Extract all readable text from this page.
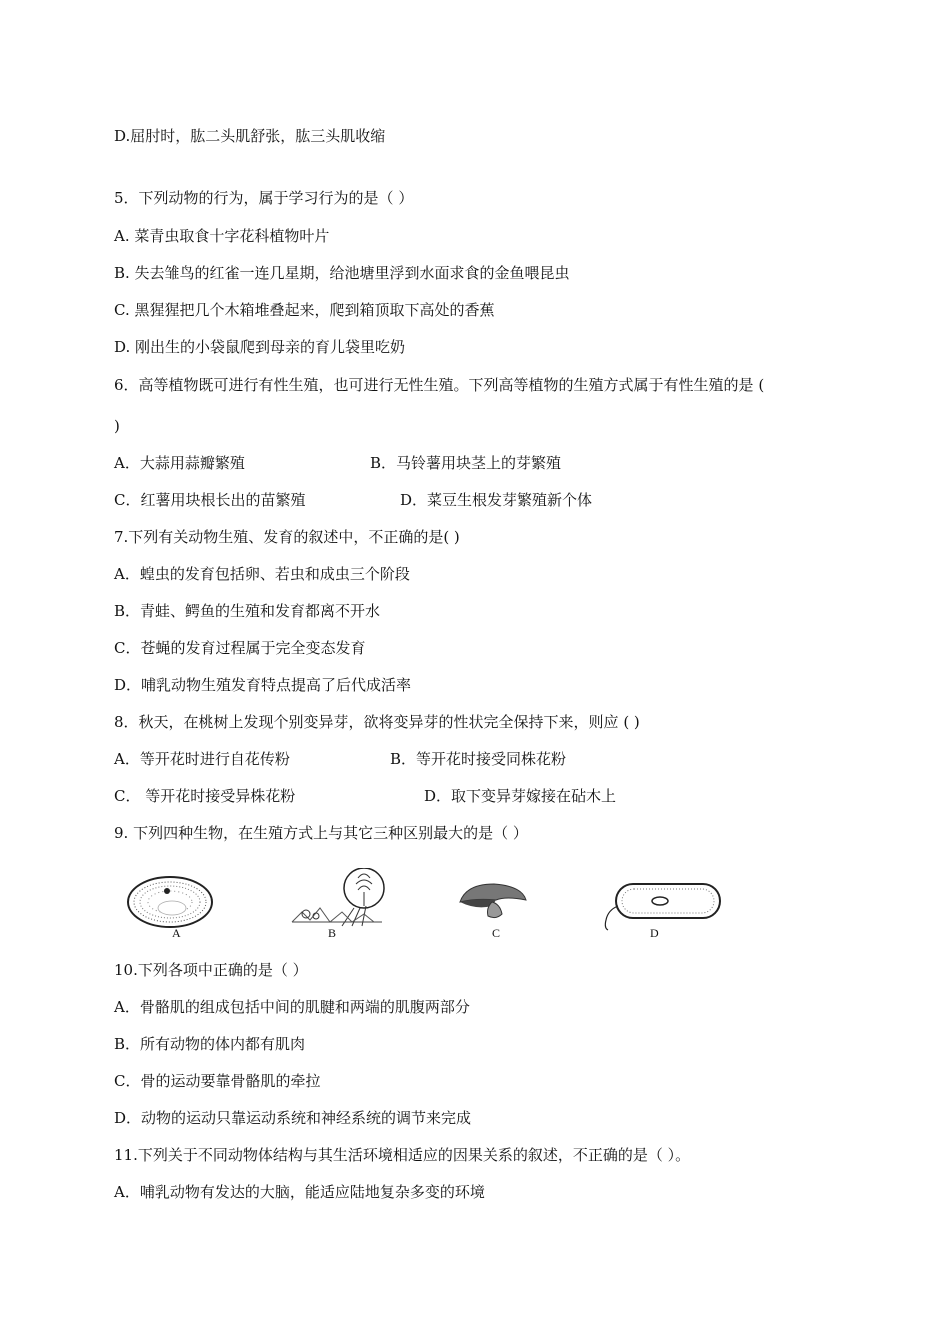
D.屈肘时，肱二头肌舒张，肱三头肌收缩
5．下列动物的行为，属于学习行为的是（ ）
A. 菜青虫取食十字花科植物叶片
B. 失去雏鸟的红雀一连几星期，给池塘里浮到水面求食的金鱼喂昆虫
C. 黑猩猩把几个木箱堆叠起来，爬到箱顶取下高处的香蕉
D. 刚出生的小袋鼠爬到母亲的育儿袋里吃奶
6．高等植物既可进行有性生殖，也可进行无性生殖。下列高等植物的生殖方式属于有性生殖的是 (
)
A．大蒜用蒜瓣繁殖	B．马铃薯用块茎上的芽繁殖
C．红薯用块根长出的苗繁殖	D．菜豆生根发芽繁殖新个体
7.下列有关动物生殖、发育的叙述中，不正确的是( )
A．蝗虫的发育包括卵、若虫和成虫三个阶段
B．青蛙、鳄鱼的生殖和发育都离不开水
C．苍蝇的发育过程属于完全变态发育
D．哺乳动物生殖发育特点提高了后代成活率
8．秋天，在桃树上发现个别变异芽，欲将变异芽的性状完全保持下来，则应 ( )
A．等开花时进行自花传粉	B．等开花时接受同株花粉
C． 等开花时接受异株花粉	D．取下变异芽嫁接在砧木上
9. 下列四种生物，在生殖方式上与其它三种区别最大的是（ ）
A	B	C	D
10.下列各项中正确的是（ ）
A．骨骼肌的组成包括中间的肌腱和两端的肌腹两部分
B．所有动物的体内都有肌肉
C．骨的运动要靠骨骼肌的牵拉
D．动物的运动只靠运动系统和神经系统的调节来完成
11.下列关于不同动物体结构与其生活环境相适应的因果关系的叙述，不正确的是（ ）。
A．哺乳动物有发达的大脑，能适应陆地复杂多变的环境
